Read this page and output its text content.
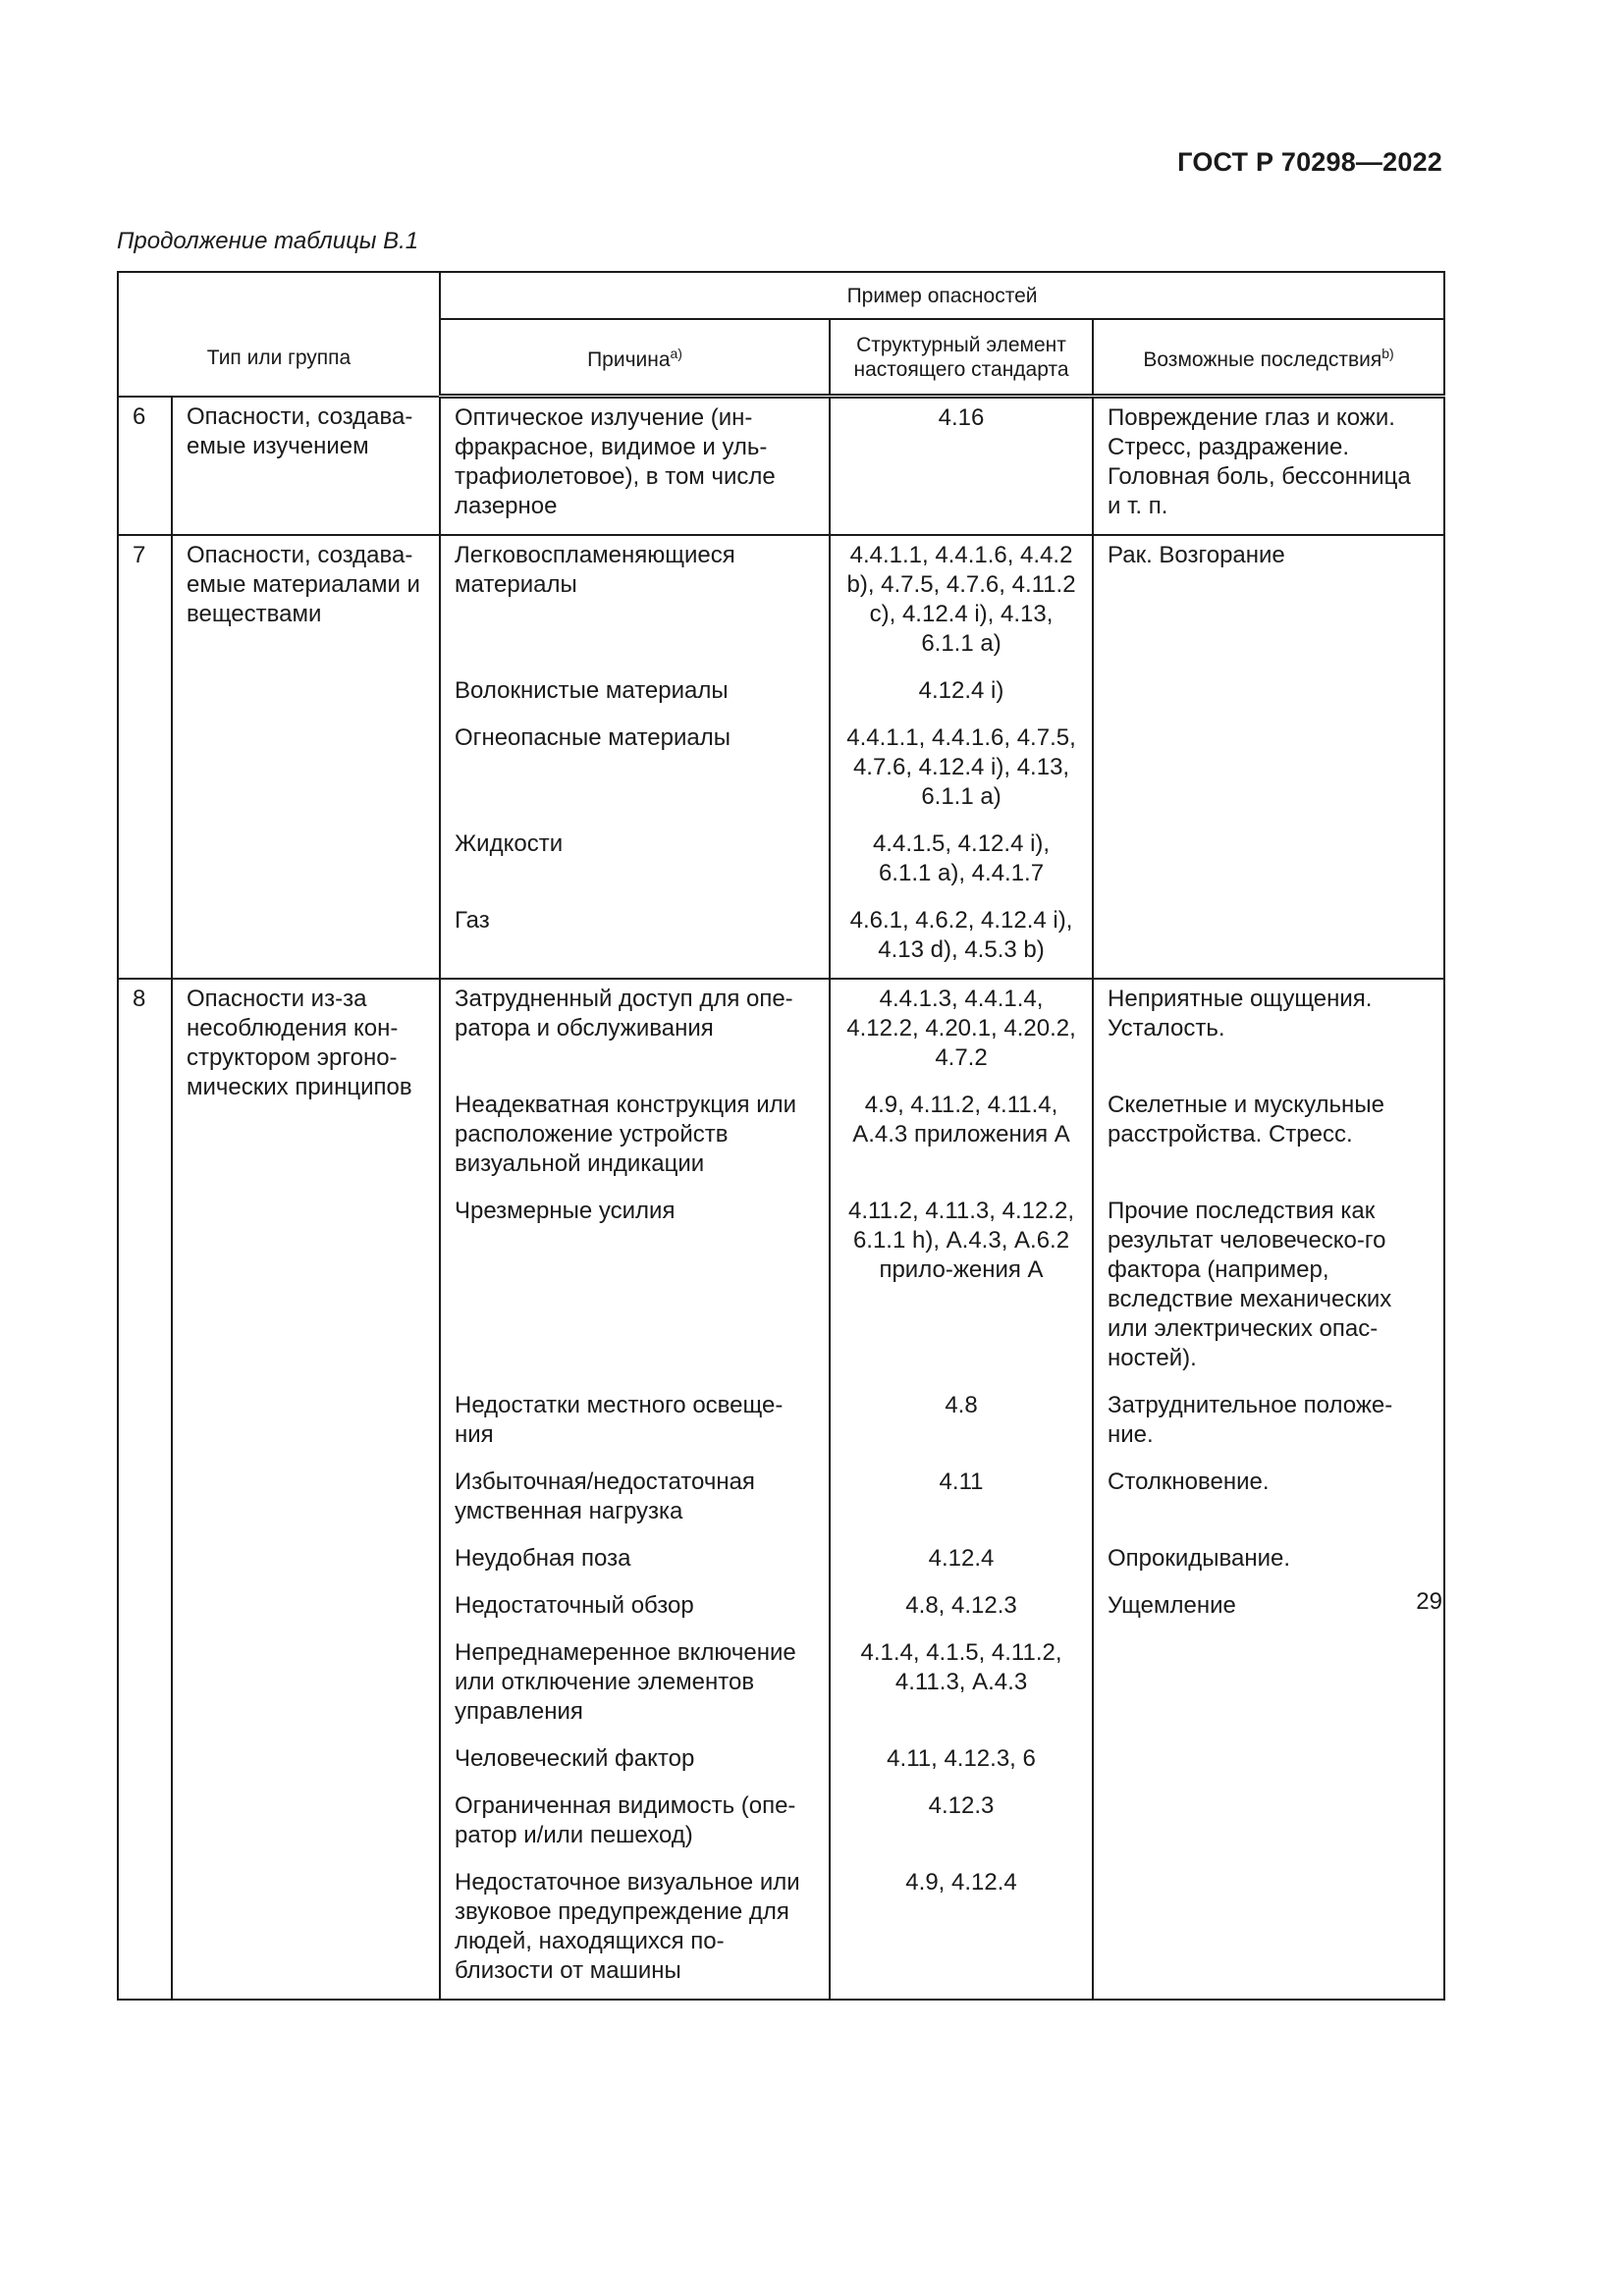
ГОСТ Р 70298—2022
Продолжение таблицы В.1
Тип или группа		Пример опасностей		
		Причина$^{a)}$	Структурный элемент настоящего стандарта	Возможные последствия$^{b)}$
6	Опасности, создава-емые изучением	Оптическое излучение (ин-фракрасное, видимое и уль-трафиолетовое), в том числе лазерное	4.16	Повреждение глаз и кожи. Стресс, раздражение. Головная боль, бессонница и т. п.
7	Опасности, создава-емые материалами и веществами	Легковоспламеняющиеся материалы	4.4.1.1, 4.4.1.6, 4.4.2 b), 4.7.5, 4.7.6, 4.11.2 c), 4.12.4 i), 4.13, 6.1.1 a)	Рак. Возгорание
		Волокнистые материалы	4.12.4 i)	
		Огнеопасные материалы	4.4.1.1, 4.4.1.6, 4.7.5, 4.7.6, 4.12.4 i), 4.13, 6.1.1 a)	
		Жидкости	4.4.1.5, 4.12.4 i), 6.1.1 a), 4.4.1.7	
		Газ	4.6.1, 4.6.2, 4.12.4 i), 4.13 d), 4.5.3 b)	
8	Опасности из-за несоблюдения кон-структором эргоно-мических принципов	Затрудненный доступ для опе-ратора и обслуживания	4.4.1.3, 4.4.1.4, 4.12.2, 4.20.1, 4.20.2, 4.7.2	Неприятные ощущения. Усталость.
		Неадекватная конструкция или расположение устройств визуальной индикации	4.9, 4.11.2, 4.11.4, А.4.3 приложения А	Скелетные и мускульные расстройства. Стресс.
		Чрезмерные усилия	4.11.2, 4.11.3, 4.12.2, 6.1.1 h), А.4.3, А.6.2 прило-жения А	Прочие последствия как результат человеческо-го фактора (например, вследствие механических или электрических опас-ностей).
		Недостатки местного освеще-ния	4.8	Затруднительное положе-ние.
		Избыточная/недостаточная умственная нагрузка	4.11	Столкновение.
		Неудобная поза	4.12.4	Опрокидывание.
		Недостаточный обзор	4.8, 4.12.3	Ущемление
		Непреднамеренное включение или отключение элементов управления	4.1.4, 4.1.5, 4.11.2, 4.11.3, А.4.3	
		Человеческий фактор	4.11, 4.12.3, 6	
		Ограниченная видимость (опе-ратор и/или пешеход)	4.12.3	
		Недостаточное визуальное или звуковое предупреждение для людей, находящихся по-близости от машины	4.9, 4.12.4	
29
